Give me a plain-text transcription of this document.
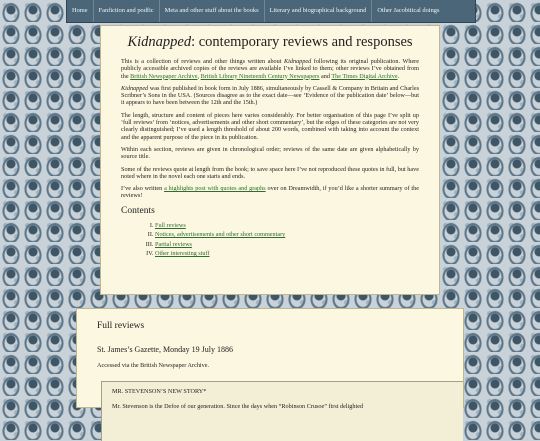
Home	Fanfiction and podfic	Meta and other stuff about the books	Literary and biographical background	Other Jacobitical doings
Kidnapped: contemporary reviews and responses

This is a collection of reviews and other things written about Kidnapped following its original publication. Where publicly accessible archived copies of the reviews are available I’ve linked to them; other reviews I’ve obtained from the British Newspaper Archive, British Library Nineteenth Century Newspapers and The Times Digital Archive.

Kidnapped was first published in book form in July 1886, simultaneously by Cassell & Company in Britain and Charles Scribner’s Sons in the USA. (Sources disagree as to the exact date—see ‘Evidence of the publication date’ below—but it appears to have been between the 12th and the 15th.)

The length, structure and content of pieces here varies considerably. For better organisation of this page I’ve split up ‘full reviews’ from ‘notices, advertisements and other short commentary’, but the edges of these categories are not very clearly distinguished; I’ve used a length threshold of about 200 words, combined with taking into account the context and the apparent purpose of the piece in its publication.

Within each section, reviews are given in chronological order; reviews of the same date are given alphabetically by source title.

Some of the reviews quote at length from the book; to save space here I’ve not reproduced these quotes in full, but have noted where in the novel each one starts and ends.

I’ve also written a highlights post with quotes and graphs over on Dreamwidth, if you’d like a shorter summary of the reviews!

Contents
I. Full reviews
II. Notices, advertisements and other short commentary
III. Partial reviews
IV. Other interesting stuff
Full reviews
St. James’s Gazette, Monday 19 July 1886
Accessed via the British Newspaper Archive.
MR. STEVENSON’S NEW STORY*
Mr. Stevenson is the Defoe of our generation. Since the days when “Robinson Crusoe” first delighted
